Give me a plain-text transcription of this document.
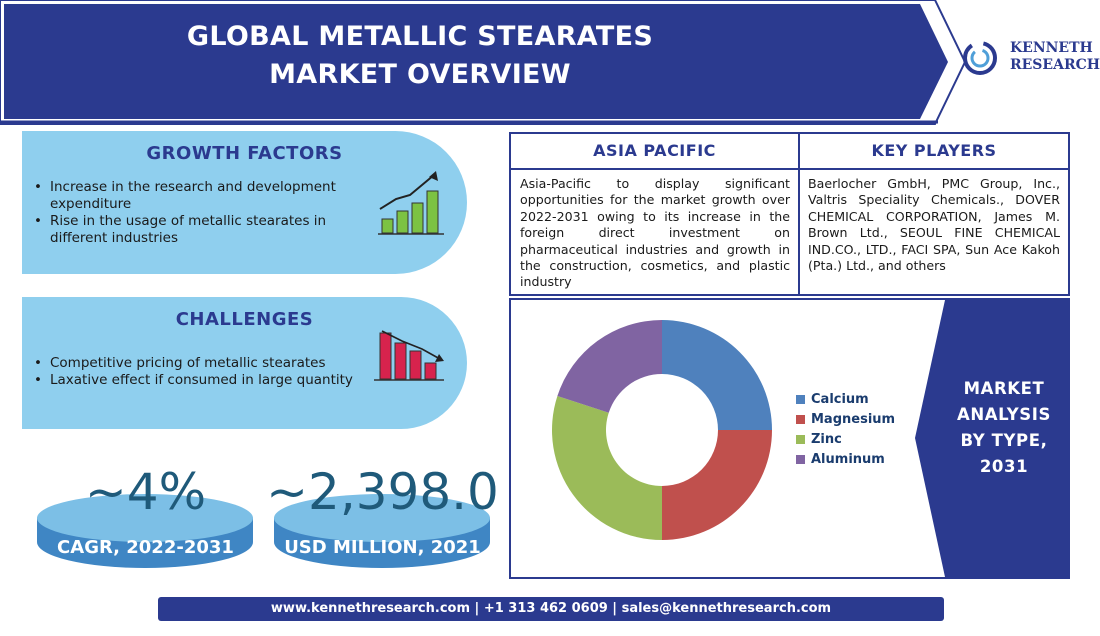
GLOBAL METALLIC STEARATES
MARKET OVERVIEW
KENNETH
RESEARCH
GROWTH FACTORS
• Increase in the research and development expenditure
• Rise in the usage of metallic stearates in different industries
CHALLENGES
• Competitive pricing of metallic stearates
• Laxative effect if consumed in large quantity
~4%
CAGR, 2022-2031
~2,398.0
USD MILLION, 2021
ASIA PACIFIC
Asia-Pacific to display significant opportunities for the market growth over 2022-2031 owing to its increase in the foreign direct investment on pharmaceutical industries and growth in the construction, cosmetics, and plastic industry
KEY PLAYERS
Baerlocher GmbH, PMC Group, Inc., Valtris Speciality Chemicals., DOVER CHEMICAL CORPORATION, James M. Brown Ltd., SEOUL FINE CHEMICAL IND.CO., LTD., FACI SPA, Sun Ace Kakoh (Pta.) Ltd., and others
Calcium
Magnesium
Zinc
Aluminum
MARKET
ANALYSIS
BY TYPE,
2031
www.kennethresearch.com | +1 313 462 0609 | sales@kennethresearch.com
